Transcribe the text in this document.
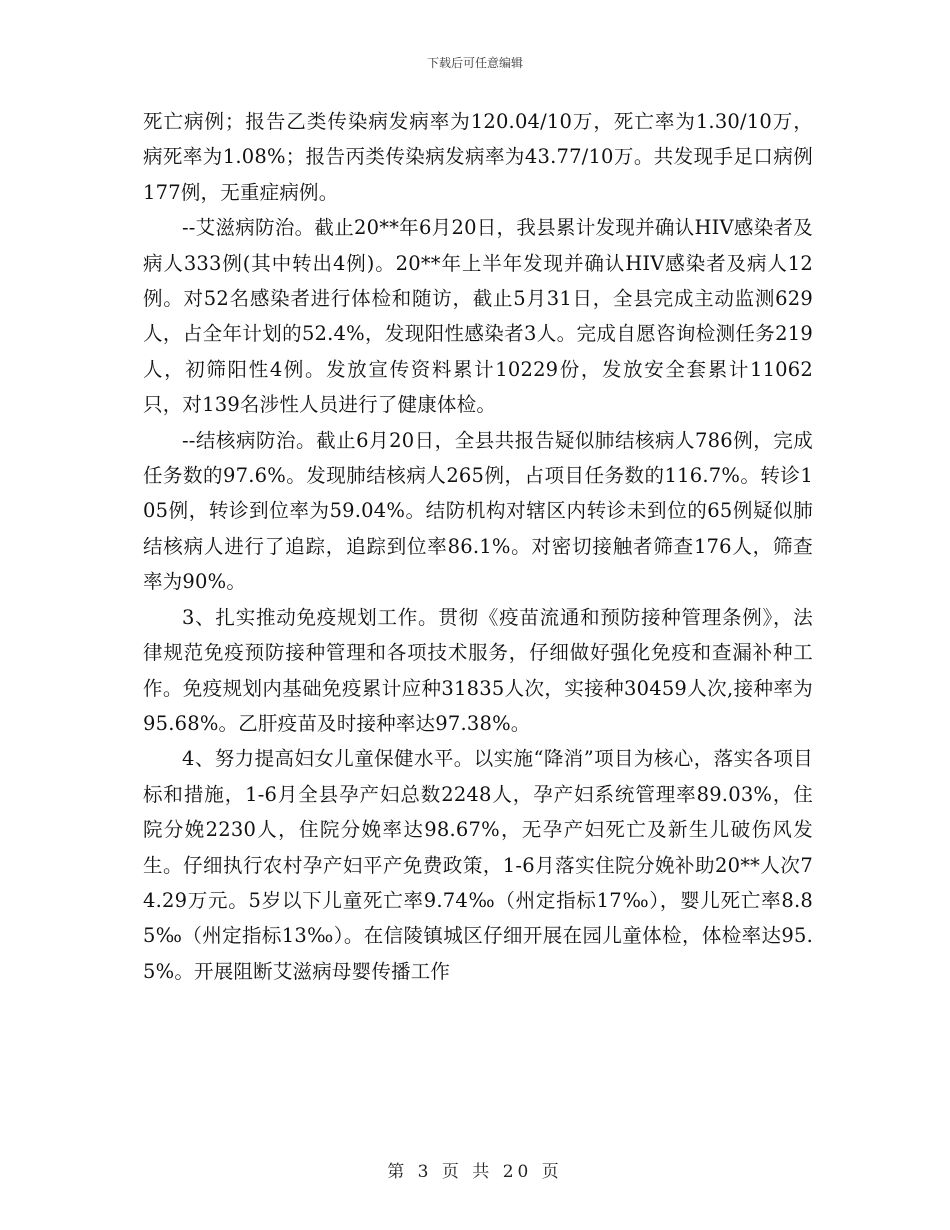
下载后可任意编辑

死亡病例；报告乙类传染病发病率为120.04/10万，死亡率为1.30/10万，病死率为1.08%；报告丙类传染病发病率为43.77/10万。共发现手足口病例177例，无重症病例。

--艾滋病防治。截止20**年6月20日，我县累计发现并确认HIV感染者及病人333例(其中转出4例)。20**年上半年发现并确认HIV感染者及病人12例。对52名感染者进行体检和随访，截止5月31日，全县完成主动监测629人，占全年计划的52.4%，发现阳性感染者3人。完成自愿咨询检测任务219人，初筛阳性4例。发放宣传资料累计10229份，发放安全套累计11062只，对139名涉性人员进行了健康体检。

--结核病防治。截止6月20日，全县共报告疑似肺结核病人786例，完成任务数的97.6%。发现肺结核病人265例，占项目任务数的116.7%。转诊105例，转诊到位率为59.04%。结防机构对辖区内转诊未到位的65例疑似肺结核病人进行了追踪，追踪到位率86.1%。对密切接触者筛查176人，筛查率为90%。

3、扎实推动免疫规划工作。贯彻《疫苗流通和预防接种管理条例》，法律规范免疫预防接种管理和各项技术服务，仔细做好强化免疫和查漏补种工作。免疫规划内基础免疫累计应种31835人次，实接种30459人次,接种率为95.68%。乙肝疫苗及时接种率达97.38%。

4、努力提高妇女儿童保健水平。以实施“降消”项目为核心，落实各项目标和措施，1-6月全县孕产妇总数2248人，孕产妇系统管理率89.03%，住院分娩2230人，住院分娩率达98.67%，无孕产妇死亡及新生儿破伤风发生。仔细执行农村孕产妇平产免费政策，1-6月落实住院分娩补助20**人次74.29万元。5岁以下儿童死亡率9.74‰（州定指标17‰），婴儿死亡率8.85‰（州定指标13‰）。在信陵镇城区仔细开展在园儿童体检，体检率达95.5%。开展阻断艾滋病母婴传播工作

第 3 页 共 20 页
